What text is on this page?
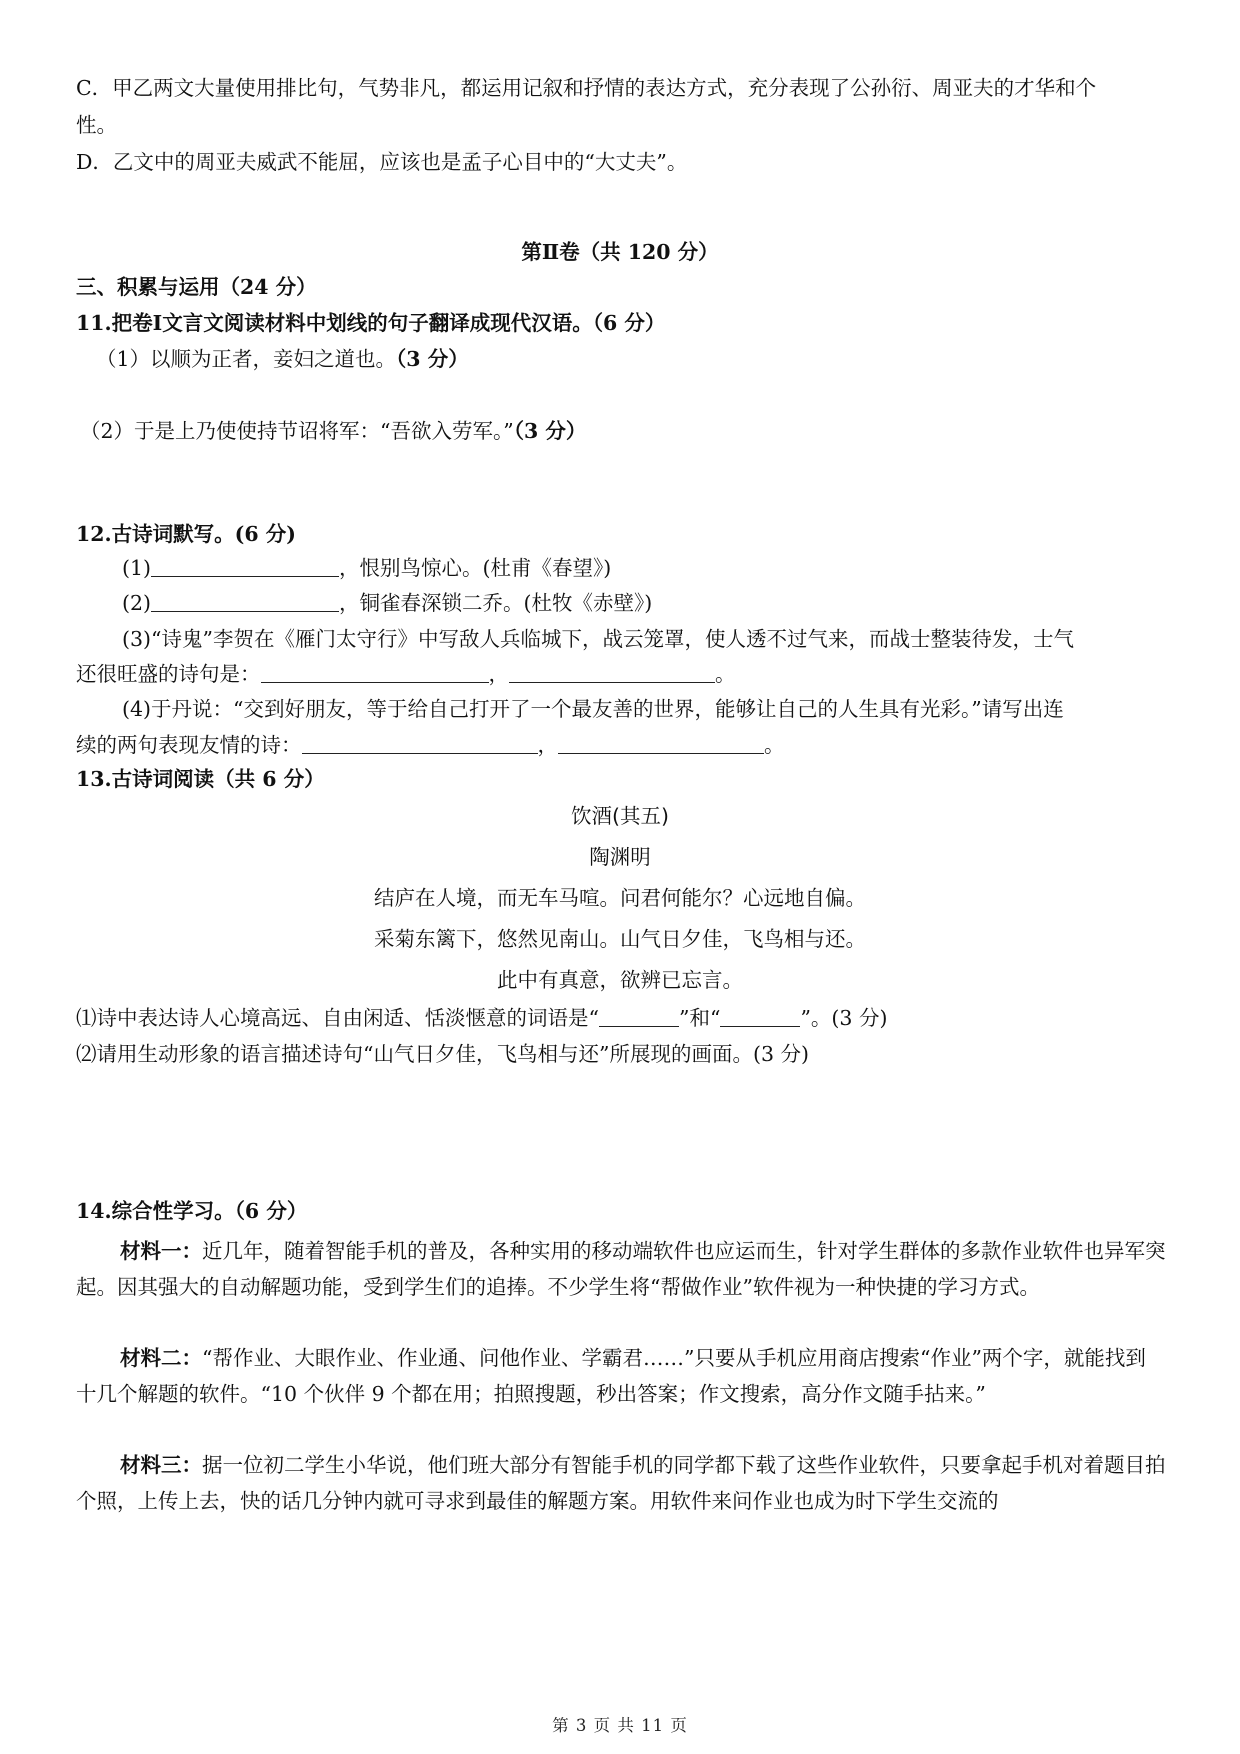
C．甲乙两文大量使用排比句，气势非凡，都运用记叙和抒情的表达方式，充分表现了公孙衍、周亚夫的才华和个
性。
D．乙文中的周亚夫威武不能屈，应该也是孟子心目中的“大丈夫”。
第Ⅱ卷（共 120 分）
三、积累与运用（24 分）
11.把卷Ⅰ文言文阅读材料中划线的句子翻译成现代汉语。（6 分）
（1）以顺为正者，妾妇之道也。（3 分）
（2）于是上乃使使持节诏将军：“吾欲入劳军。”（3 分）
12.古诗词默写。(6 分)
(1)	，恨别鸟惊心。(杜甫《春望》)
(2)	，铜雀春深锁二乔。(杜牧《赤壁》)
(3)“诗鬼”李贺在《雁门太守行》中写敌人兵临城下，战云笼罩，使人透不过气来，而战士整装待发，士气
还很旺盛的诗句是：	，	。
(4)于丹说：“交到好朋友，等于给自己打开了一个最友善的世界，能够让自己的人生具有光彩。”请写出连
续的两句表现友情的诗：	，	。
13.古诗词阅读（共 6 分）
饮酒(其五)
陶渊明
结庐在人境，而无车马喧。问君何能尔？心远地自偏。
采菊东篱下，悠然见南山。山气日夕佳，飞鸟相与还。
此中有真意，欲辨已忘言。
⑴诗中表达诗人心境高远、自由闲适、恬淡惬意的词语是“	”和“	”。(3 分)
⑵请用生动形象的语言描述诗句“山气日夕佳，飞鸟相与还”所展现的画面。(3 分)
14.综合性学习。（6 分）
材料一：近几年，随着智能手机的普及，各种实用的移动端软件也应运而生，针对学生群体的多款作业软件也异军突起。因其强大的自动解题功能，受到学生们的追捧。不少学生将“帮做作业”软件视为一种快捷的学习方式。
材料二：“帮作业、大眼作业、作业通、问他作业、学霸君……”只要从手机应用商店搜索“作业”两个字，就能找到十几个解题的软件。“10 个伙伴 9 个都在用；拍照搜题，秒出答案；作文搜索，高分作文随手拈来。”
材料三：据一位初二学生小华说，他们班大部分有智能手机的同学都下载了这些作业软件，只要拿起手机对着题目拍个照，上传上去，快的话几分钟内就可寻求到最佳的解题方案。用软件来问作业也成为时下学生交流的
第 3 页 共 11 页
